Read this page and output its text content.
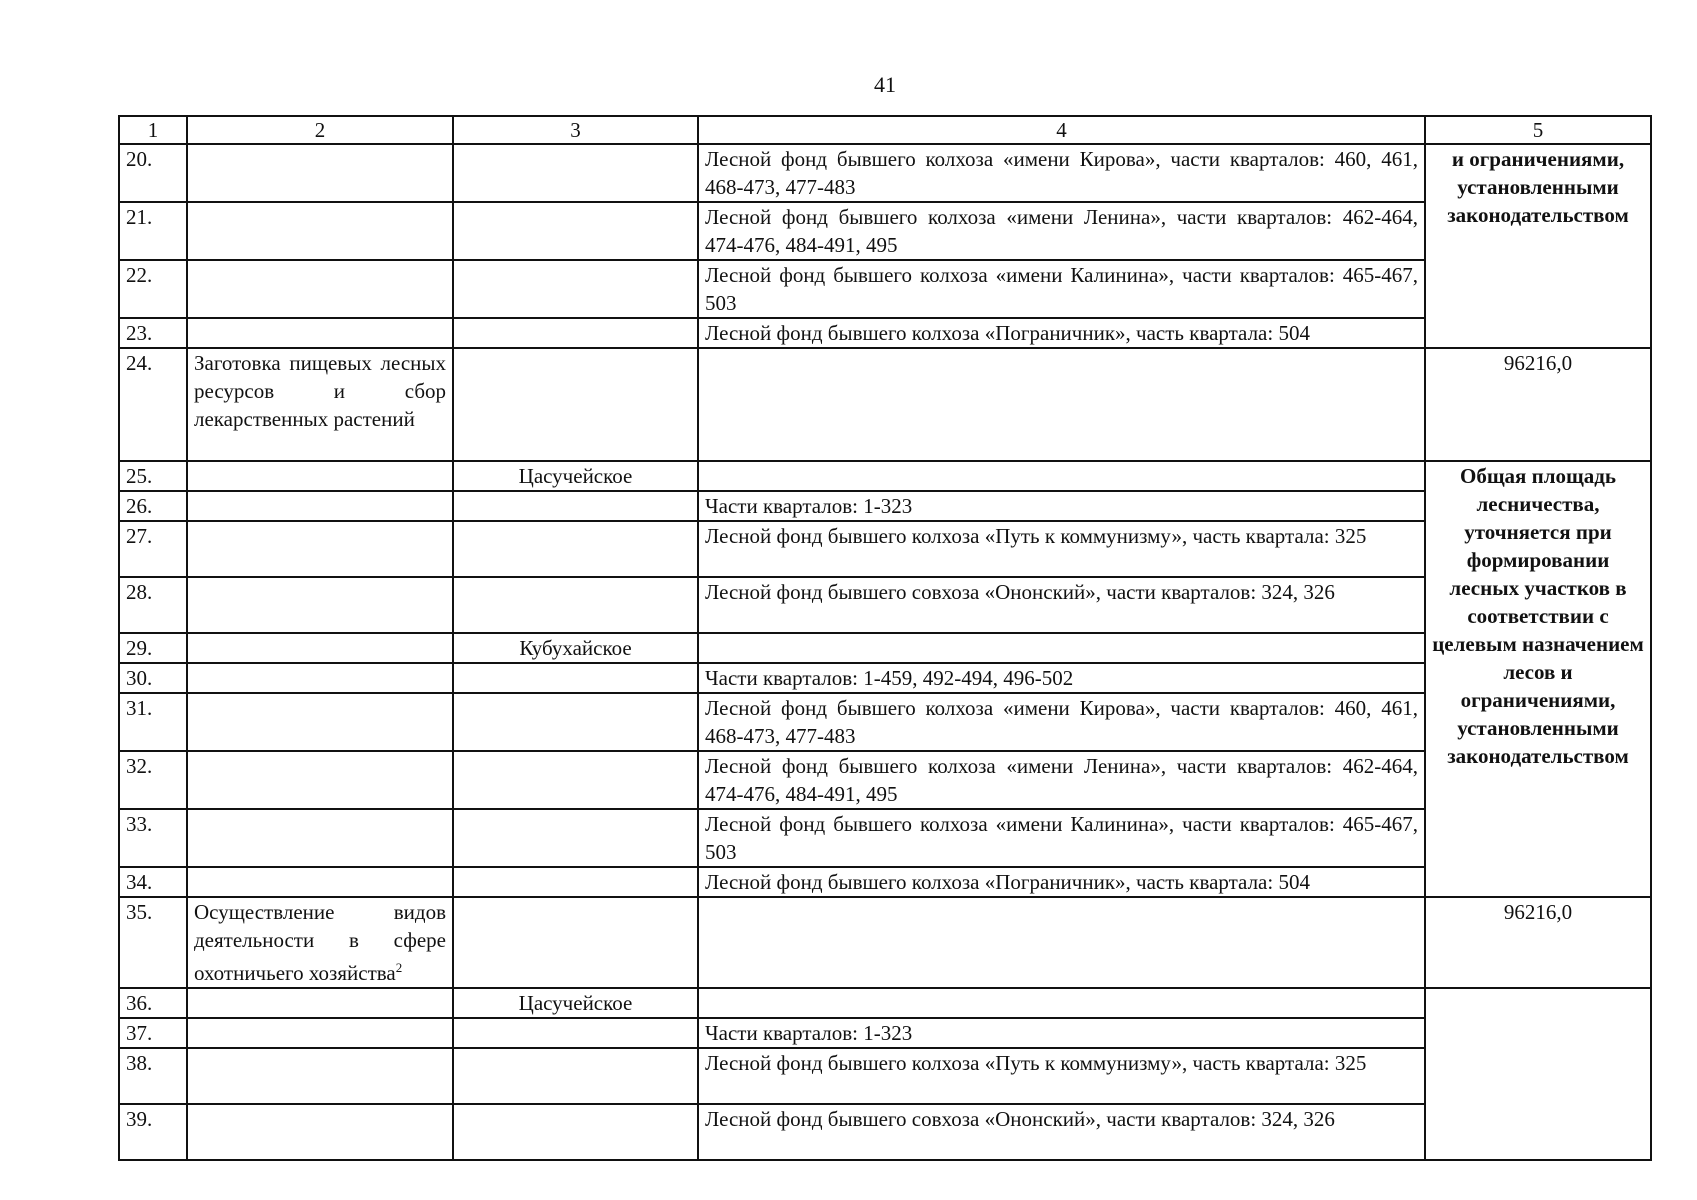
41
1	2	3	4	5
20.			Лесной фонд бывшего колхоза «имени Кирова», части кварталов: 460, 461, 468-473, 477-483	и ограничениями, установленными законодательством
21.			Лесной фонд бывшего колхоза «имени Ленина», части кварталов: 462-464, 474-476, 484-491, 495	
22.			Лесной фонд бывшего колхоза «имени Калинина», части кварталов: 465-467, 503	
23.			Лесной фонд бывшего колхоза «Пограничник», часть квартала: 504	
24.	Заготовка пищевых лесных ресурсов и сбор лекарственных растений			96216,0
25.		Цасучейское		Общая площадь лесничества, уточняется при формировании лесных участков в соответствии с целевым назначением лесов и ограничениями, установленными законодательством
26.			Части кварталов: 1-323	
27.			Лесной фонд бывшего колхоза «Путь к коммунизму», часть квартала: 325	
28.			Лесной фонд бывшего совхоза «Ононский», части кварталов: 324, 326	
29.		Кубухайское		
30.			Части кварталов: 1-459, 492-494, 496-502	
31.			Лесной фонд бывшего колхоза «имени Кирова», части кварталов: 460, 461, 468-473, 477-483	
32.			Лесной фонд бывшего колхоза «имени Ленина», части кварталов: 462-464, 474-476, 484-491, 495	
33.			Лесной фонд бывшего колхоза «имени Калинина», части кварталов: 465-467, 503	
34.			Лесной фонд бывшего колхоза «Пограничник», часть квартала: 504	
35.	Осуществление видов деятельности в сфере охотничьего хозяйства$^2$			96216,0
36.		Цасучейское		
37.			Части кварталов: 1-323	
38.			Лесной фонд бывшего колхоза «Путь к коммунизму», часть квартала: 325	
39.			Лесной фонд бывшего совхоза «Ононский», части кварталов: 324, 326	
